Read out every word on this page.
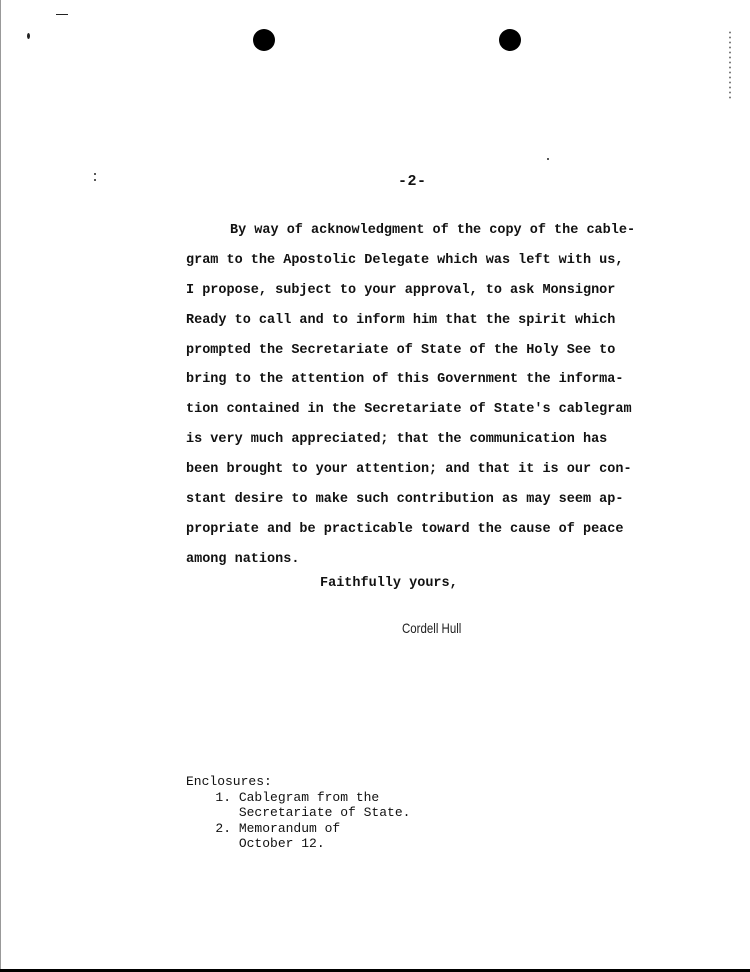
-2-
By way of acknowledgment of the copy of the cable-
gram to the Apostolic Delegate which was left with us,
I propose, subject to your approval, to ask Monsignor
Ready to call and to inform him that the spirit which
prompted the Secretariate of State of the Holy See to
bring to the attention of this Government the informa-
tion contained in the Secretariate of State's cablegram
is very much appreciated; that the communication has
been brought to your attention; and that it is our con-
stant desire to make such contribution as may seem ap-
propriate and be practicable toward the cause of peace
among nations.
Faithfully yours,
Cordell Hull
Enclosures:
1. Cablegram from the
Secretariate of State.
2. Memorandum of
October 12.
